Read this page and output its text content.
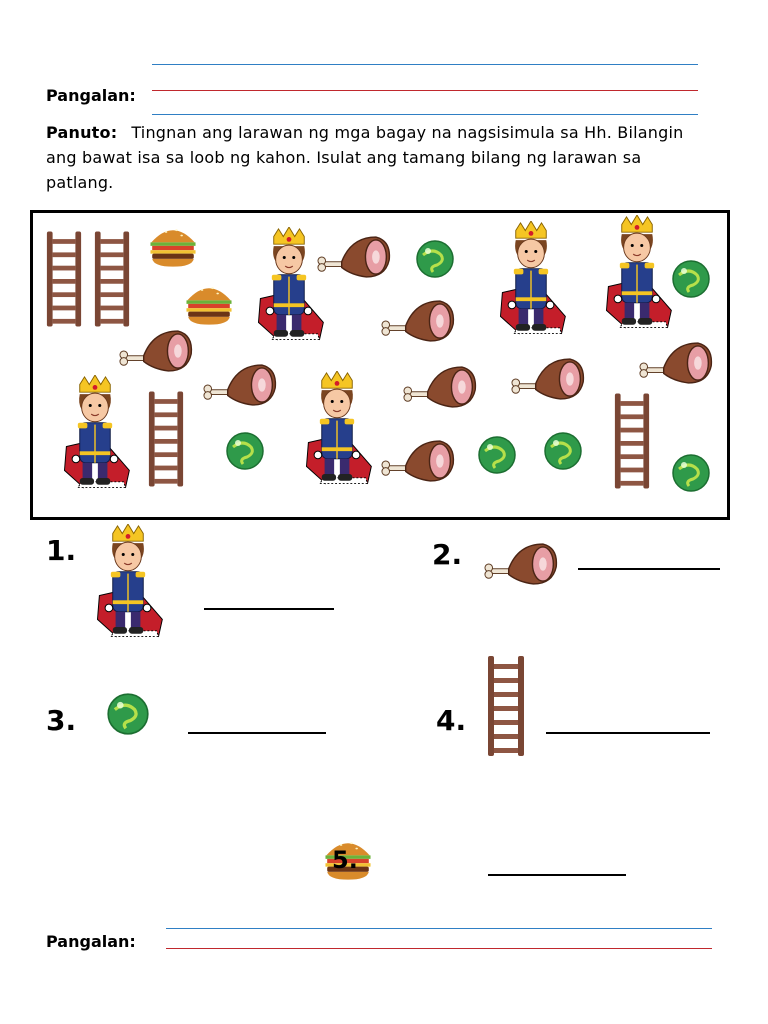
Pangalan:
Panuto: Tingnan ang larawan ng mga bagay na nagsisimula sa Hh. Bilangin ang bawat isa sa loob ng kahon. Isulat ang tamang bilang ng larawan sa patlang.
1.	2.
3.	4.
5.
Pangalan:
